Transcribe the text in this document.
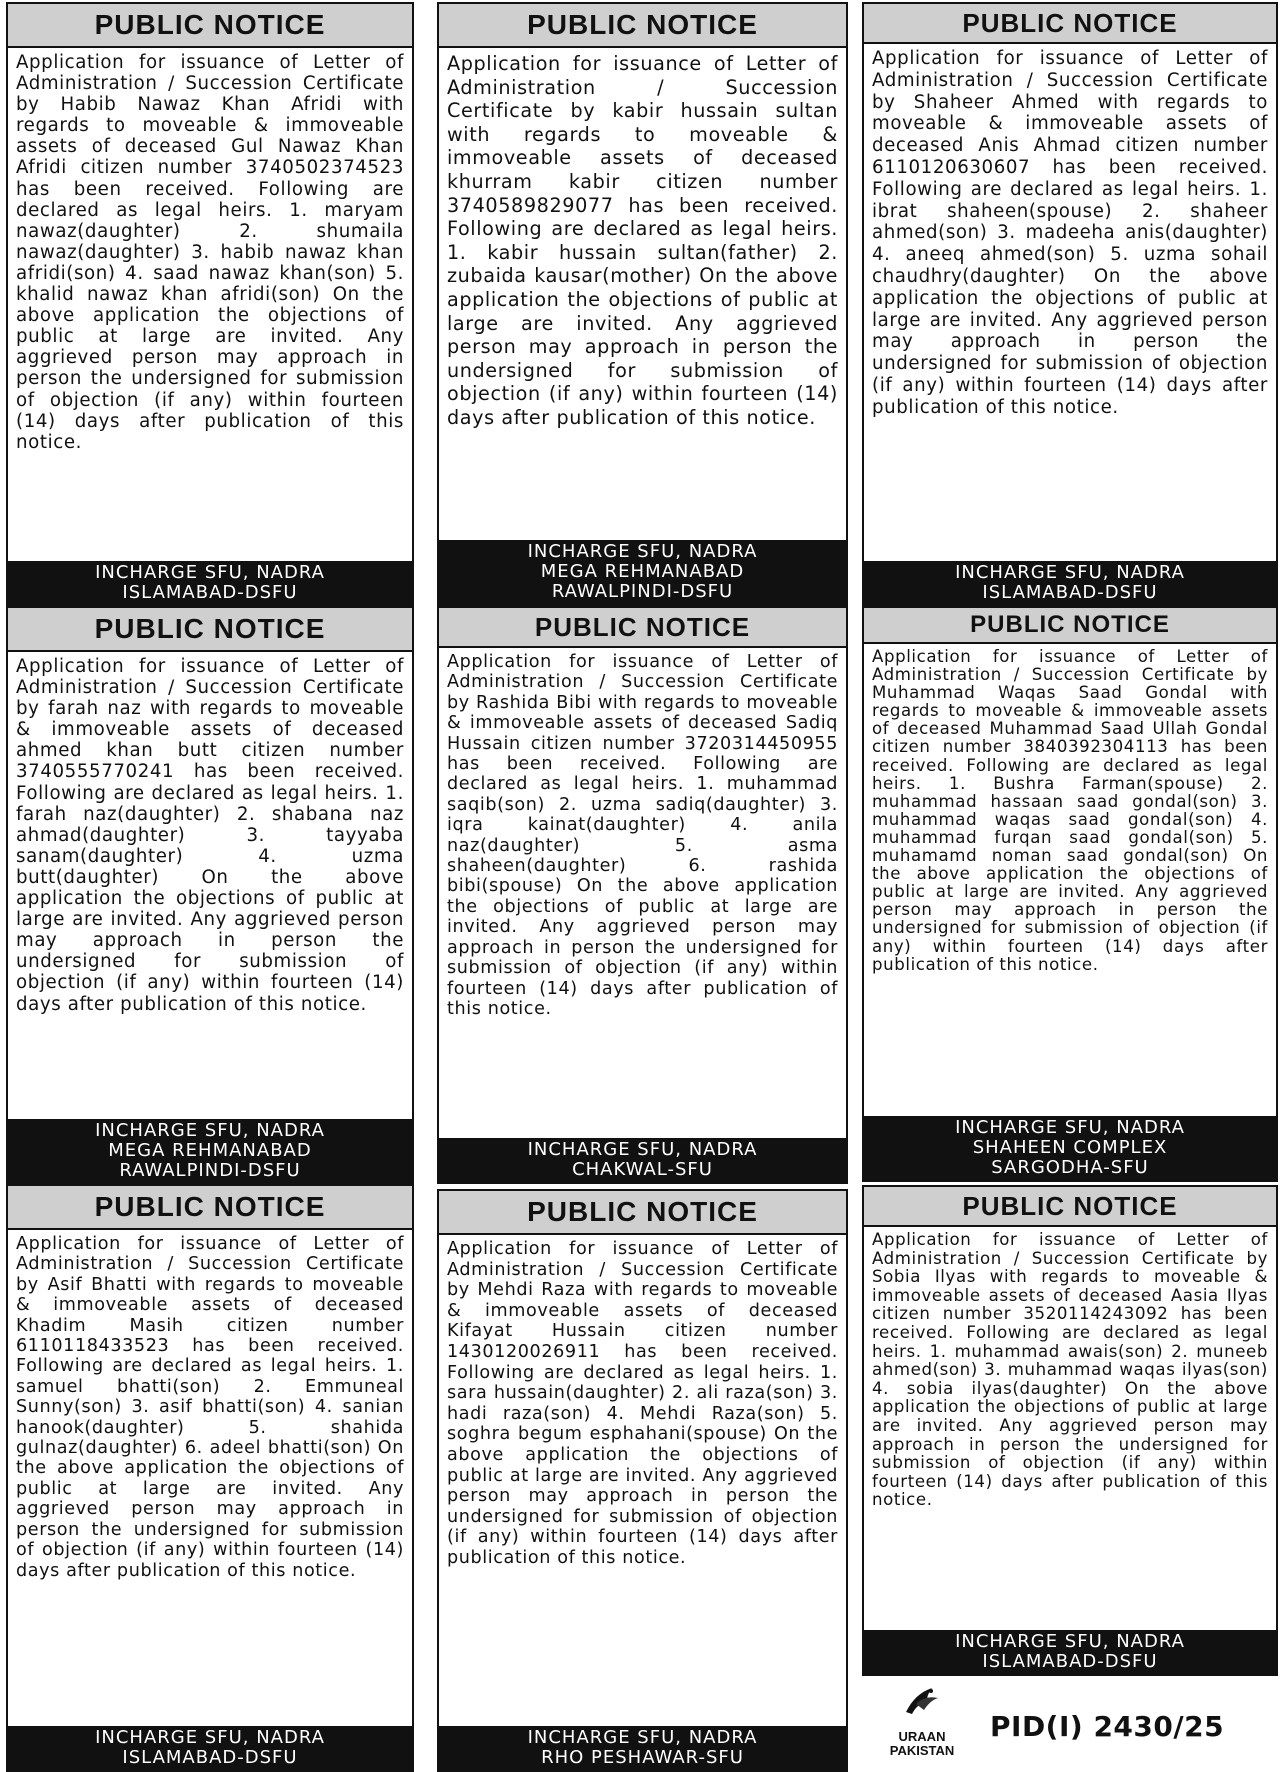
PUBLIC NOTICE
Application for issuance of Letter of Administration / Succession Certificate by Habib Nawaz Khan Afridi with regards to moveable & immoveable assets of deceased Gul Nawaz Khan Afridi citizen number 3740502374523 has been received. Following are declared as legal heirs. 1. maryam nawaz(daughter) 2. shumaila nawaz(daughter) 3. habib nawaz khan afridi(son) 4. saad nawaz khan(son) 5. khalid nawaz khan afridi(son) On the above application the objections of public at large are invited. Any aggrieved person may approach in person the undersigned for submission of objection (if any) within fourteen (14) days after publication of this notice.
INCHARGE SFU, NADRA
ISLAMABAD-DSFU
PUBLIC NOTICE
Application for issuance of Letter of Administration / Succession Certificate by kabir hussain sultan with regards to moveable & immoveable assets of deceased khurram kabir citizen number 3740589829077 has been received. Following are declared as legal heirs. 1. kabir hussain sultan(father) 2. zubaida kausar(mother) On the above application the objections of public at large are invited. Any aggrieved person may approach in person the undersigned for submission of objection (if any) within fourteen (14) days after publication of this notice.
INCHARGE SFU, NADRA
MEGA REHMANABAD
RAWALPINDI-DSFU
PUBLIC NOTICE
Application for issuance of Letter of Administration / Succession Certificate by Shaheer Ahmed with regards to moveable & immoveable assets of deceased Anis Ahmad citizen number 6110120630607 has been received. Following are declared as legal heirs. 1. ibrat shaheen(spouse) 2. shaheer ahmed(son) 3. madeeha anis(daughter) 4. aneeq ahmed(son) 5. uzma sohail chaudhry(daughter) On the above application the objections of public at large are invited. Any aggrieved person may approach in person the undersigned for submission of objection (if any) within fourteen (14) days after publication of this notice.
INCHARGE SFU, NADRA
ISLAMABAD-DSFU
PUBLIC NOTICE
Application for issuance of Letter of Administration / Succession Certificate by farah naz with regards to moveable & immoveable assets of deceased ahmed khan butt citizen number 3740555770241 has been received. Following are declared as legal heirs. 1. farah naz(daughter) 2. shabana naz ahmad(daughter) 3. tayyaba sanam(daughter) 4. uzma butt(daughter) On the above application the objections of public at large are invited. Any aggrieved person may approach in person the undersigned for submission of objection (if any) within fourteen (14) days after publication of this notice.
INCHARGE SFU, NADRA
MEGA REHMANABAD
RAWALPINDI-DSFU
PUBLIC NOTICE
Application for issuance of Letter of Administration / Succession Certificate by Rashida Bibi with regards to moveable & immoveable assets of deceased Sadiq Hussain citizen number 3720314450955 has been received. Following are declared as legal heirs. 1. muhammad saqib(son) 2. uzma sadiq(daughter) 3. iqra kainat(daughter) 4. anila naz(daughter) 5. asma shaheen(daughter) 6. rashida bibi(spouse) On the above application the objections of public at large are invited. Any aggrieved person may approach in person the undersigned for submission of objection (if any) within fourteen (14) days after publication of this notice.
INCHARGE SFU, NADRA
CHAKWAL-SFU
PUBLIC NOTICE
Application for issuance of Letter of Administration / Succession Certificate by Muhammad Waqas Saad Gondal with regards to moveable & immoveable assets of deceased Muhammad Saad Ullah Gondal citizen number 3840392304113 has been received. Following are declared as legal heirs. 1. Bushra Farman(spouse) 2. muhammad hassaan saad gondal(son) 3. muhammad waqas saad gondal(son) 4. muhammad furqan saad gondal(son) 5. muhamamd noman saad gondal(son) On the above application the objections of public at large are invited. Any aggrieved person may approach in person the undersigned for submission of objection (if any) within fourteen (14) days after publication of this notice.
INCHARGE SFU, NADRA
SHAHEEN COMPLEX
SARGODHA-SFU
PUBLIC NOTICE
Application for issuance of Letter of Administration / Succession Certificate by Asif Bhatti with regards to moveable & immoveable assets of deceased Khadim Masih citizen number 6110118433523 has been received. Following are declared as legal heirs. 1. samuel bhatti(son) 2. Emmuneal Sunny(son) 3. asif bhatti(son) 4. sanian hanook(daughter) 5. shahida gulnaz(daughter) 6. adeel bhatti(son) On the above application the objections of public at large are invited. Any aggrieved person may approach in person the undersigned for submission of objection (if any) within fourteen (14) days after publication of this notice.
INCHARGE SFU, NADRA
ISLAMABAD-DSFU
PUBLIC NOTICE
Application for issuance of Letter of Administration / Succession Certificate by Mehdi Raza with regards to moveable & immoveable assets of deceased Kifayat Hussain citizen number 1430120026911 has been received. Following are declared as legal heirs. 1. sara hussain(daughter) 2. ali raza(son) 3. hadi raza(son) 4. Mehdi Raza(son) 5. soghra begum esphahani(spouse) On the above application the objections of public at large are invited. Any aggrieved person may approach in person the undersigned for submission of objection (if any) within fourteen (14) days after publication of this notice.
INCHARGE SFU, NADRA
RHO PESHAWAR-SFU
PUBLIC NOTICE
Application for issuance of Letter of Administration / Succession Certificate by Sobia Ilyas with regards to moveable & immoveable assets of deceased Aasia Ilyas citizen number 3520114243092 has been received. Following are declared as legal heirs. 1. muhammad awais(son) 2. muneeb ahmed(son) 3. muhammad waqas ilyas(son) 4. sobia ilyas(daughter) On the above application the objections of public at large are invited. Any aggrieved person may approach in person the undersigned for submission of objection (if any) within fourteen (14) days after publication of this notice.
INCHARGE SFU, NADRA
ISLAMABAD-DSFU
URAAN
PAKISTAN
PID(I) 2430/25
